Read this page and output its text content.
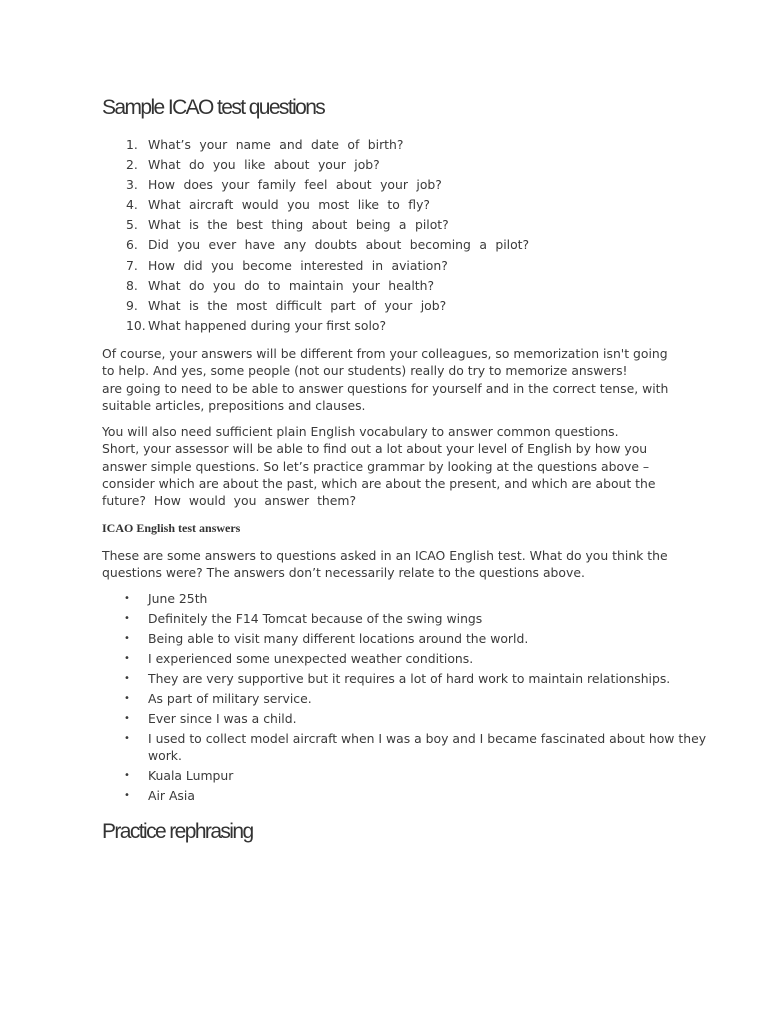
Sample ICAO test questions
1. What’s your name and date of birth?
2. What do you like about your job?
3. How does your family feel about your job?
4. What aircraft would you most like to fly?
5. What is the best thing about being a pilot?
6. Did you ever have any doubts about becoming a pilot?
7. How did you become interested in aviation?
8. What do you do to maintain your health?
9. What is the most difficult part of your job?
10. What happened during your first solo?

Of course, your answers will be different from your colleagues, so memorization isn't going
to help. And yes, some people (not our students) really do try to memorize answers!
are going to need to be able to answer questions for yourself and in the correct tense, with
suitable articles, prepositions and clauses.

You will also need sufficient plain English vocabulary to answer common questions.
Short, your assessor will be able to find out a lot about your level of English by how you
answer simple questions. So let’s practice grammar by looking at the questions above –
consider which are about the past, which are about the present, and which are about the
future? How would you answer them?

ICAO English test answers

These are some answers to questions asked in an ICAO English test. What do you think the
questions were? The answers don’t necessarily relate to the questions above.

• June 25th
• Definitely the F14 Tomcat because of the swing wings
• Being able to visit many different locations around the world.
• I experienced some unexpected weather conditions.
• They are very supportive but it requires a lot of hard work to maintain relationships.
• As part of military service.
• Ever since I was a child.
• I used to collect model aircraft when I was a boy and I became fascinated about how they work.
• Kuala Lumpur
• Air Asia
Practice rephrasing
